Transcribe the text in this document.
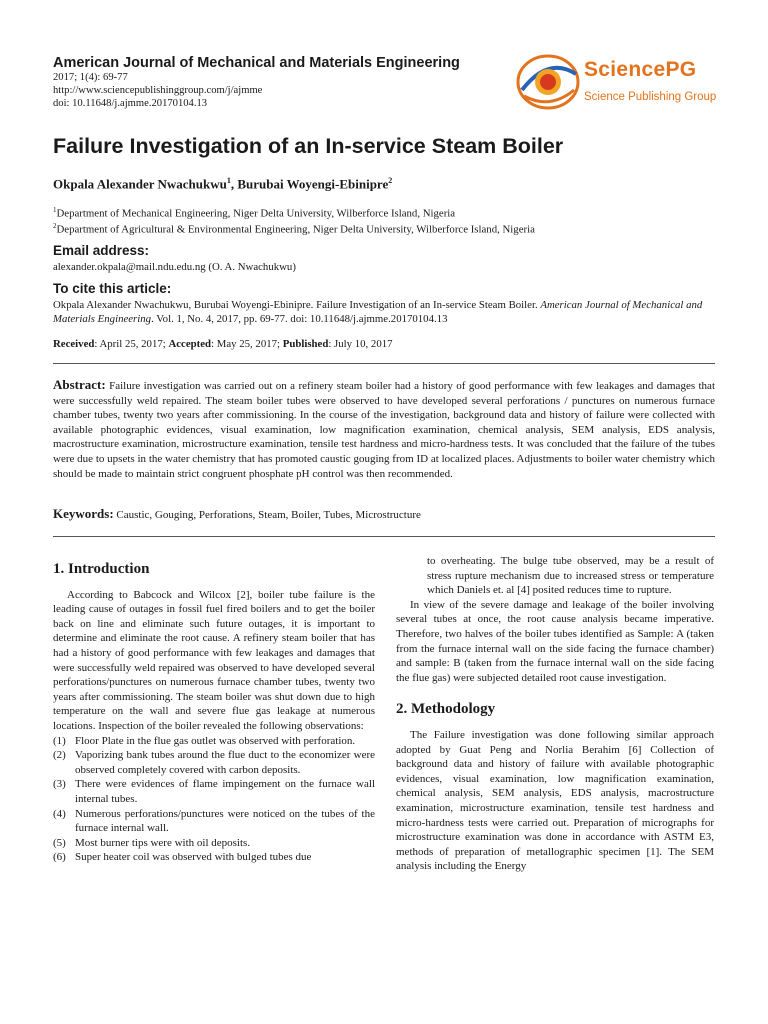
American Journal of Mechanical and Materials Engineering
2017; 1(4): 69-77
http://www.sciencepublishinggroup.com/j/ajmme
doi: 10.11648/j.ajmme.20170104.13
SciencePG
Science Publishing Group
Failure Investigation of an In-service Steam Boiler
Okpala Alexander Nwachukwu$^1$, Burubai Woyengi-Ebinipre$^2$
$^1$Department of Mechanical Engineering, Niger Delta University, Wilberforce Island, Nigeria
$^2$Department of Agricultural & Environmental Engineering, Niger Delta University, Wilberforce Island, Nigeria
Email address:
alexander.okpala@mail.ndu.edu.ng (O. A. Nwachukwu)
To cite this article:
Okpala Alexander Nwachukwu, Burubai Woyengi-Ebinipre. Failure Investigation of an In-service Steam Boiler. American Journal of Mechanical and Materials Engineering. Vol. 1, No. 4, 2017, pp. 69-77. doi: 10.11648/j.ajmme.20170104.13
Received: April 25, 2017; Accepted: May 25, 2017; Published: July 10, 2017
Abstract: Failure investigation was carried out on a refinery steam boiler had a history of good performance with few leakages and damages that were successfully weld repaired. The steam boiler tubes were observed to have developed several perforations / punctures on numerous furnace chamber tubes, twenty two years after commissioning. In the course of the investigation, background data and history of failure were collected with available photographic evidences, visual examination, low magnification examination, chemical analysis, SEM analysis, EDS analysis, macrostructure examination, microstructure examination, tensile test hardness and micro-hardness tests. It was concluded that the failure of the tubes were due to upsets in the water chemistry that has promoted caustic gouging from ID at localized places. Adjustments to boiler water chemistry which should be made to maintain strict congruent phosphate pH control was then recommended.
Keywords: Caustic, Gouging, Perforations, Steam, Boiler, Tubes, Microstructure
1. Introduction

According to Babcock and Wilcox [2], boiler tube failure is the leading cause of outages in fossil fuel fired boilers and to get the boiler back on line and eliminate such future outages, it is important to determine and eliminate the root cause. A refinery steam boiler that has had a history of good performance with few leakages and damages that were successfully weld repaired was observed to have developed several perforations/punctures on numerous furnace chamber tubes, twenty two years after commissioning. The steam boiler was shut down due to high temperature on the wall and severe flue gas leakage at numerous locations. Inspection of the boiler revealed the following observations:

(1) Floor Plate in the flue gas outlet was observed with perforation.
(2) Vaporizing bank tubes around the flue duct to the economizer were observed completely covered with carbon deposits.
(3) There were evidences of flame impingement on the furnace wall internal tubes.
(4) Numerous perforations/punctures were noticed on the tubes of the furnace internal wall.
(5) Most burner tips were with oil deposits.
(6) Super heater coil was observed with bulged tubes due

to overheating. The bulge tube observed, may be a result of stress rupture mechanism due to increased stress or temperature which Daniels et. al [4] posited reduces time to rupture.

In view of the severe damage and leakage of the boiler involving several tubes at once, the root cause analysis became imperative. Therefore, two halves of the boiler tubes identified as Sample: A (taken from the furnace internal wall on the side facing the furnace chamber) and sample: B (taken from the furnace internal wall on the side facing the flue gas) were subjected detailed root cause investigation.

2. Methodology

The Failure investigation was done following similar approach adopted by Guat Peng and Norlia Berahim [6] Collection of background data and history of failure with available photographic evidences, visual examination, low magnification examination, chemical analysis, SEM analysis, EDS analysis, macrostructure examination, microstructure examination, tensile test hardness and micro-hardness tests were carried out. Preparation of micrographs for microstructure examination was done in accordance with ASTM E3, methods of preparation of metallographic specimen [1]. The SEM analysis including the Energy
